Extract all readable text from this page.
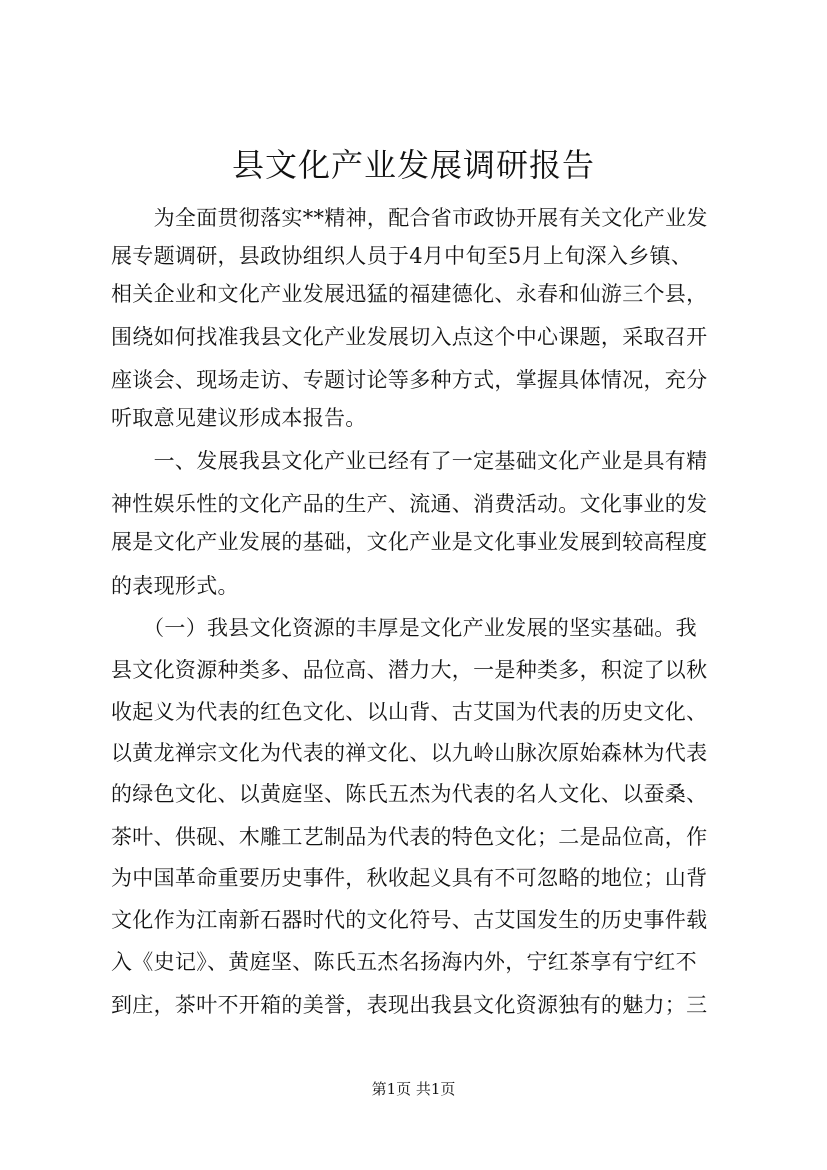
县文化产业发展调研报告
　　为全面贯彻落实**精神，配合省市政协开展有关文化产业发
展专题调研，县政协组织人员于4月中旬至5月上旬深入乡镇、
相关企业和文化产业发展迅猛的福建德化、永春和仙游三个县，
围绕如何找准我县文化产业发展切入点这个中心课题，采取召开
座谈会、现场走访、专题讨论等多种方式，掌握具体情况，充分
听取意见建议形成本报告。
　　一、发展我县文化产业已经有了一定基础文化产业是具有精
神性娱乐性的文化产品的生产、流通、消费活动。文化事业的发
展是文化产业发展的基础，文化产业是文化事业发展到较高程度
的表现形式。
　　（一）我县文化资源的丰厚是文化产业发展的坚实基础。我
县文化资源种类多、品位高、潜力大，一是种类多，积淀了以秋
收起义为代表的红色文化、以山背、古艾国为代表的历史文化、
以黄龙禅宗文化为代表的禅文化、以九岭山脉次原始森林为代表
的绿色文化、以黄庭坚、陈氏五杰为代表的名人文化、以蚕桑、
茶叶、供砚、木雕工艺制品为代表的特色文化；二是品位高，作
为中国革命重要历史事件，秋收起义具有不可忽略的地位；山背
文化作为江南新石器时代的文化符号、古艾国发生的历史事件载
入《史记》、黄庭坚、陈氏五杰名扬海内外，宁红茶享有宁红不
到庄，茶叶不开箱的美誉，表现出我县文化资源独有的魅力；三
第1页 共1页
